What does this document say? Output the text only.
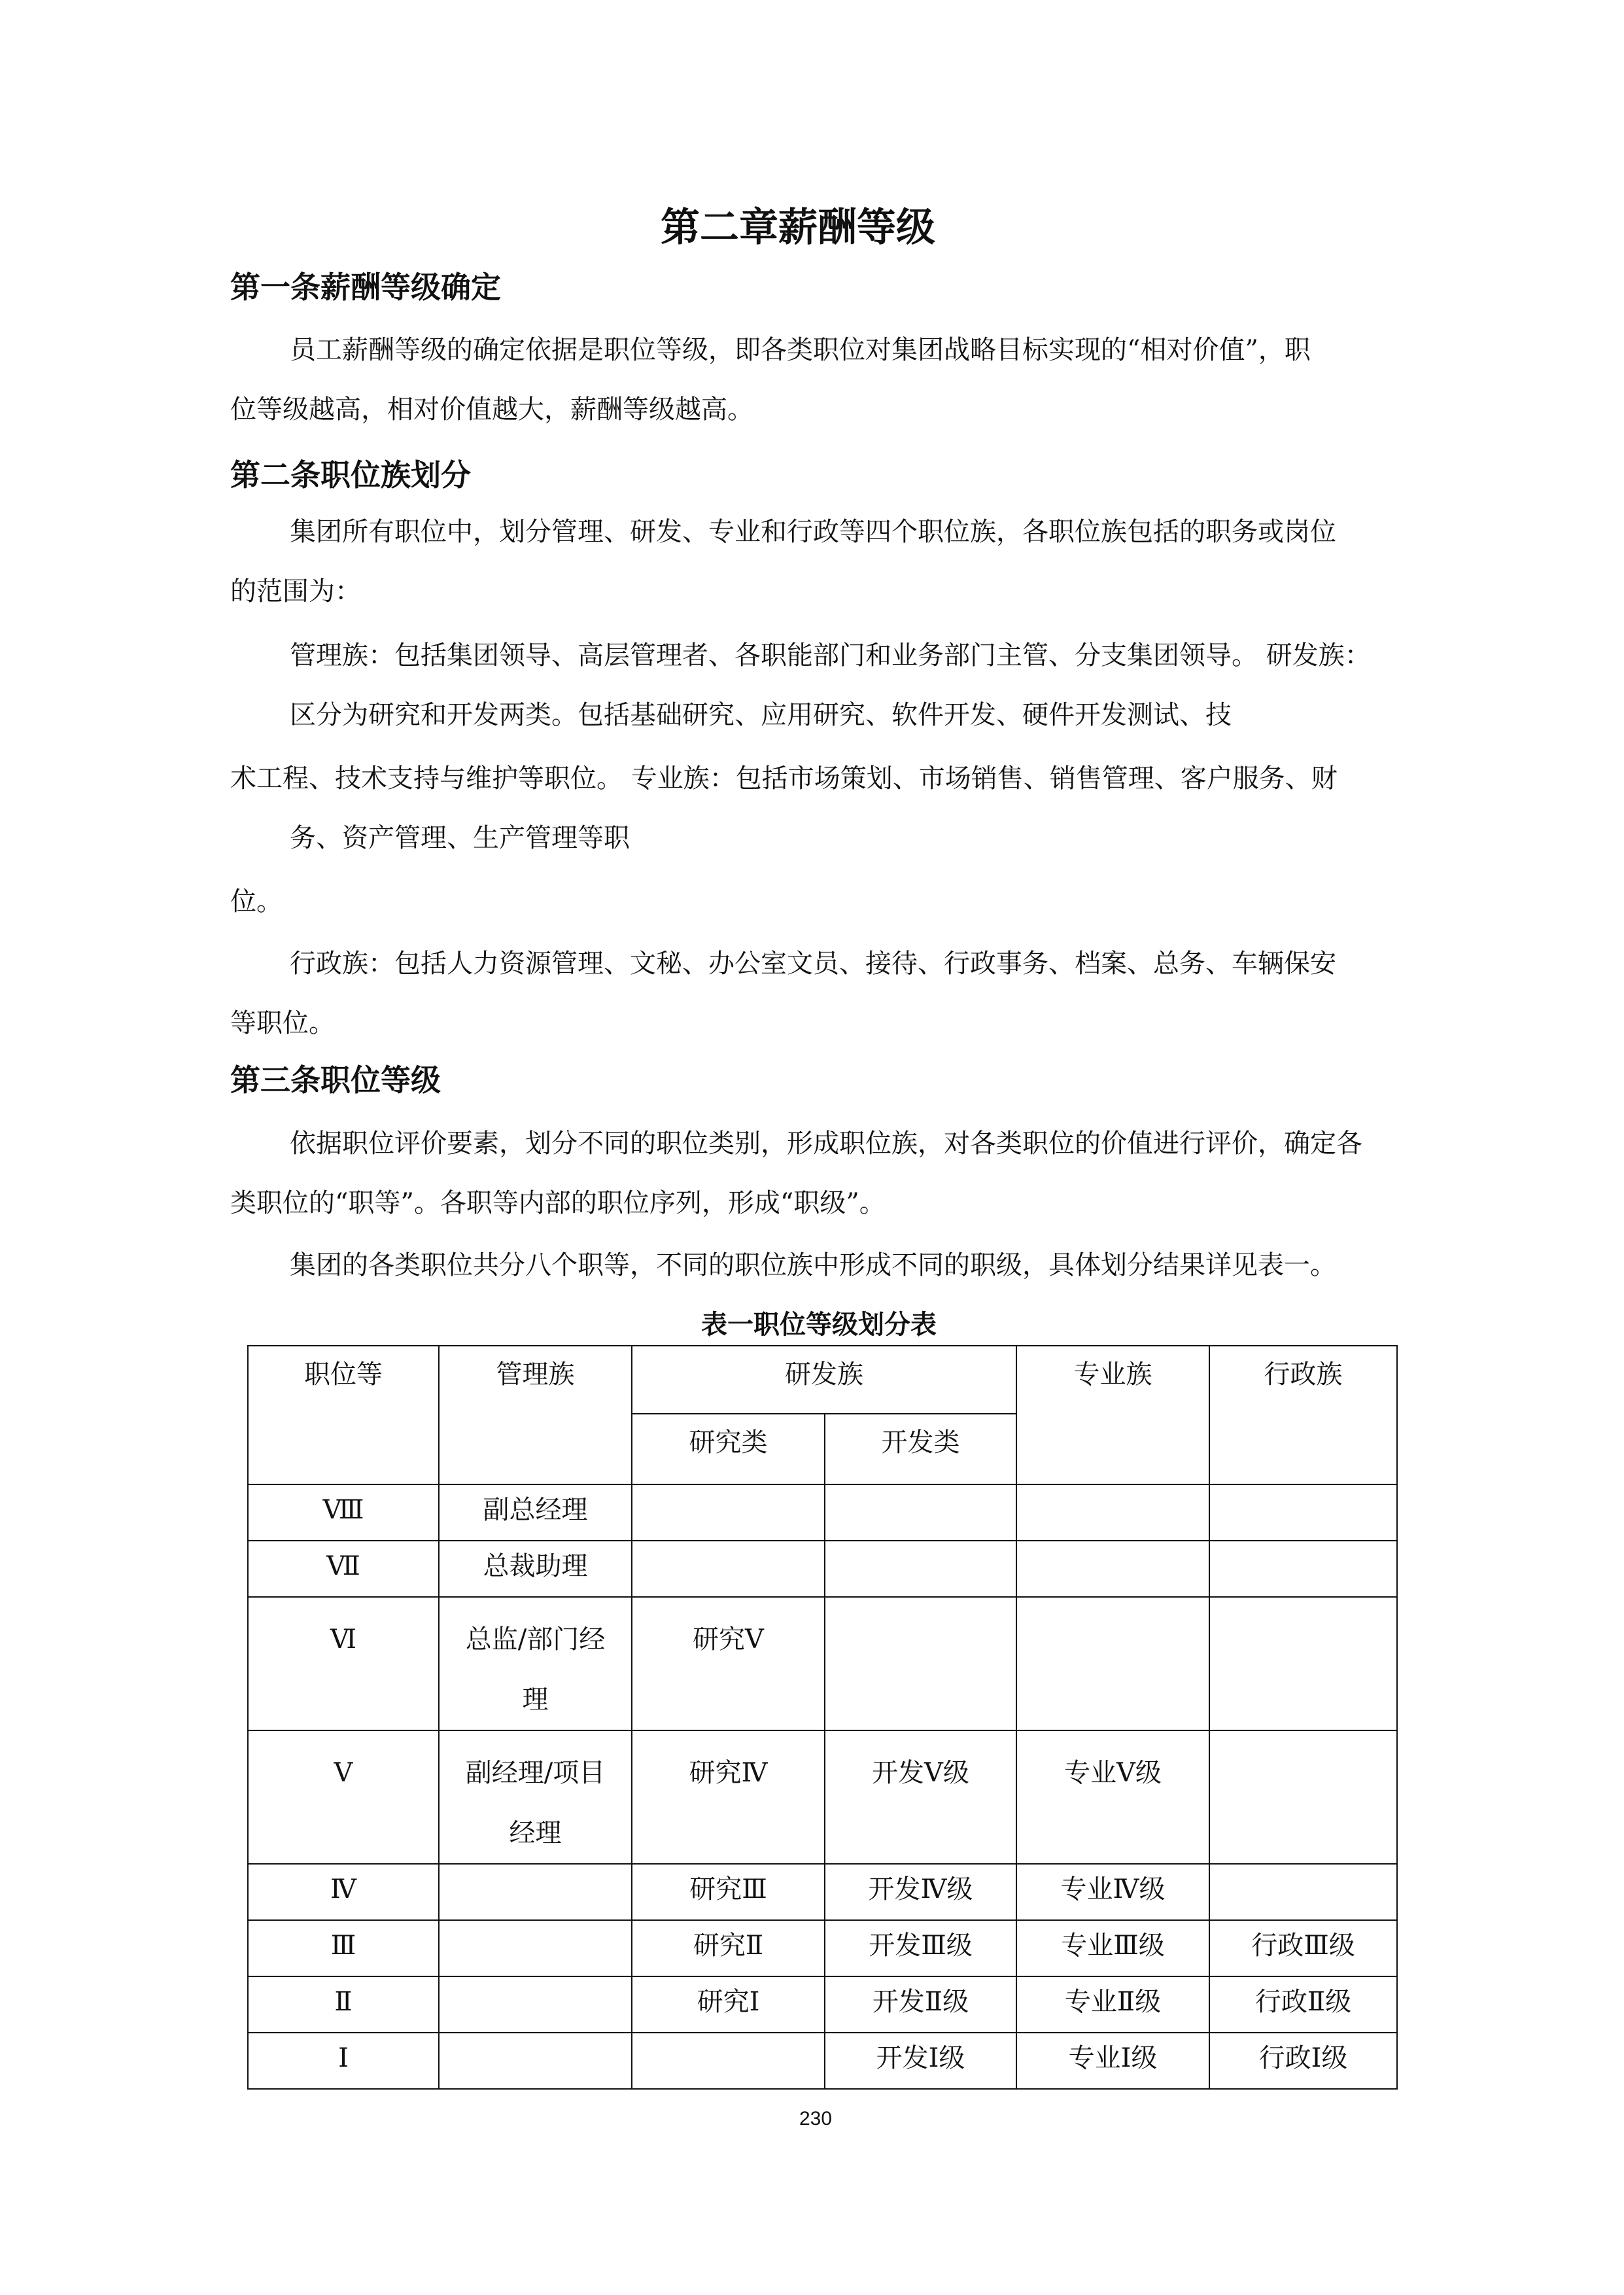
第二章薪酬等级
第一条薪酬等级确定
员工薪酬等级的确定依据是职位等级，即各类职位对集团战略目标实现的“相对价值”，职
位等级越高，相对价值越大，薪酬等级越高。
第二条职位族划分
集团所有职位中，划分管理、研发、专业和行政等四个职位族，各职位族包括的职务或岗位
的范围为：
管理族：包括集团领导、高层管理者、各职能部门和业务部门主管、分支集团领导。 研发族：
区分为研究和开发两类。包括基础研究、应用研究、软件开发、硬件开发测试、技
术工程、技术支持与维护等职位。 专业族：包括市场策划、市场销售、销售管理、客户服务、财
务、资产管理、生产管理等职
位。
行政族：包括人力资源管理、文秘、办公室文员、接待、行政事务、档案、总务、车辆保安
等职位。
第三条职位等级
依据职位评价要素，划分不同的职位类别，形成职位族，对各类职位的价值进行评价，确定各
类职位的“职等”。各职等内部的职位序列，形成“职级”。
集团的各类职位共分八个职等，不同的职位族中形成不同的职级，具体划分结果详见表一。
表一职位等级划分表
职位等	管理族	研发族		专业族	行政族
		研究类	开发类		
Ⅷ	副总经理				
Ⅶ	总裁助理				
Ⅵ	总监/部门经理	研究Ⅴ			
Ⅴ	副经理/项目经理	研究Ⅳ	开发Ⅴ级	专业Ⅴ级	
Ⅳ		研究Ⅲ	开发Ⅳ级	专业Ⅳ级	
Ⅲ		研究Ⅱ	开发Ⅲ级	专业Ⅲ级	行政Ⅲ级
Ⅱ		研究Ⅰ	开发Ⅱ级	专业Ⅱ级	行政Ⅱ级
Ⅰ			开发Ⅰ级	专业Ⅰ级	行政Ⅰ级
230
